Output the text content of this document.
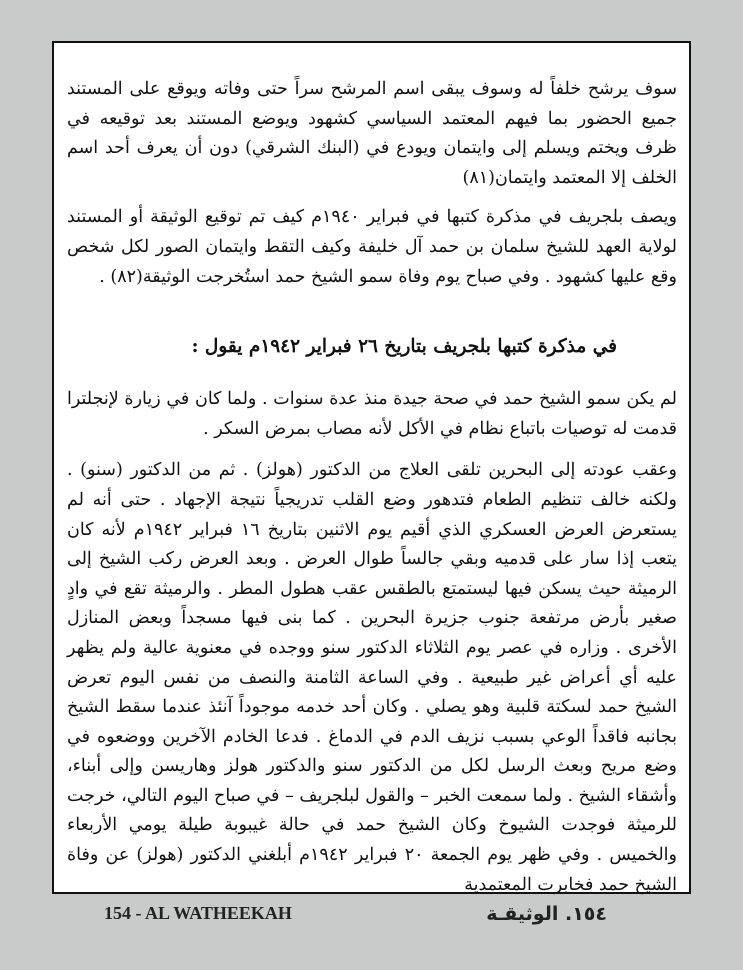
سوف يرشح خلفاً له وسوف يبقى اسم المرشح سراً حتى وفاته ويوقع على المستند جميع الحضور بما فيهم المعتمد السياسي كشهود ويوضع المستند بعد توقيعه في ظرف ويختم ويسلم إلى وايتمان ويودع في (البنك الشرقي) دون أن يعرف أحد اسم الخلف إلا المعتمد وايتمان(٨١)

ويصف بلجريف في مذكرة كتبها في فبراير ١٩٤٠م كيف تم توقيع الوثيقة أو المستند لولاية العهد للشيخ سلمان بن حمد آل خليفة وكيف التقط وايتمان الصور لكل شخص وقع عليها كشهود . وفي صباح يوم وفاة سمو الشيخ حمد استُخرجت الوثيقة(٨٢) .

في مذكرة كتبها بلجريف بتاريخ ٢٦ فبراير ١٩٤٢م يقول :

لم يكن سمو الشيخ حمد في صحة جيدة منذ عدة سنوات . ولما كان في زيارة لإنجلترا قدمت له توصيات باتباع نظام في الأكل لأنه مصاب بمرض السكر .

وعقب عودته إلى البحرين تلقى العلاج من الدكتور (هولز) . ثم من الدكتور (سنو) . ولكنه خالف تنظيم الطعام فتدهور وضع القلب تدريجياً نتيجة الإجهاد . حتى أنه لم يستعرض العرض العسكري الذي أقيم يوم الاثنين بتاريخ ١٦ فبراير ١٩٤٢م لأنه كان يتعب إذا سار على قدميه وبقي جالساً طوال العرض . وبعد العرض ركب الشيخ إلى الرميثة حيث يسكن فيها ليستمتع بالطقس عقب هطول المطر . والرميثة تقع في وادٍ صغير بأرض مرتفعة جنوب جزيرة البحرين . كما بنى فيها مسجداً وبعض المنازل الأخرى . وزاره في عصر يوم الثلاثاء الدكتور سنو ووجده في معنوية عالية ولم يظهر عليه أي أعراض غير طبيعية . وفي الساعة الثامنة والنصف من نفس اليوم تعرض الشيخ حمد لسكتة قلبية وهو يصلي . وكان أحد خدمه موجوداً آنئذ عندما سقط الشيخ بجانبه فاقداً الوعي بسبب نزيف الدم في الدماغ . فدعا الخادم الآخرين ووضعوه في وضع مريح وبعث الرسل لكل من الدكتور سنو والدكتور هولز وهاريسن وإلى أبناء، وأشقاء الشيخ . ولما سمعت الخبر – والقول لبلجريف – في صباح اليوم التالي، خرجت للرميثة فوجدت الشيوخ وكان الشيخ حمد في حالة غيبوبة طيلة يومي الأربعاء والخميس . وفي ظهر يوم الجمعة ٢٠ فبراير ١٩٤٢م أبلغني الدكتور (هولز) عن وفاة الشيخ حمد فخابرت المعتمدية

154 - AL WATHEEKAH	١٥٤. الوثيقـة
